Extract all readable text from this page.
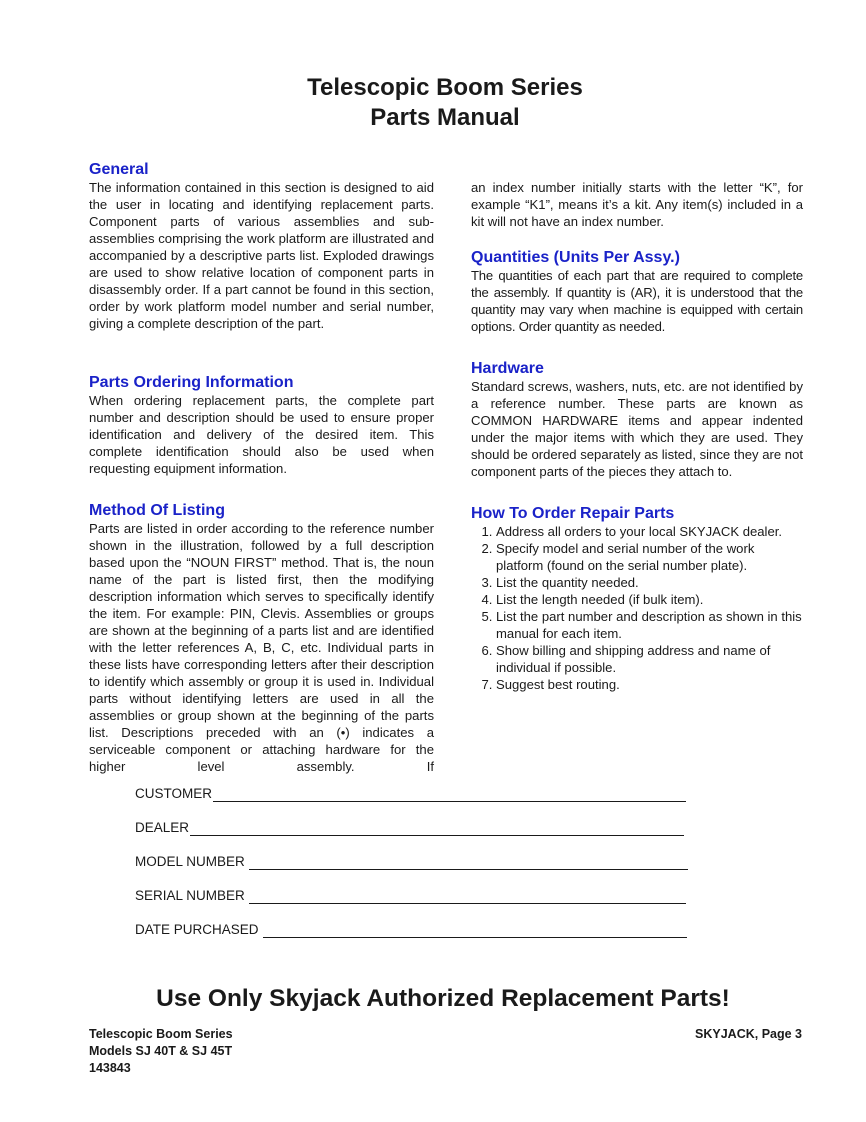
Telescopic Boom Series
Parts Manual
General

The information contained in this section is designed to aid the user in locating and identifying replacement parts. Component parts of various assemblies and sub-assemblies comprising the work platform are illustrated and accompanied by a descriptive parts list. Exploded drawings are used to show relative location of component parts in disassembly order. If a part cannot be found in this section, order by work platform model number and serial number, giving a complete description of the part.

Parts Ordering Information

When ordering replacement parts, the complete part number and description should be used to ensure proper identification and delivery of the desired item. This complete identification should also be used when requesting equipment information.

Method Of Listing

Parts are listed in order according to the reference number shown in the illustration, followed by a full description based upon the “NOUN FIRST” method. That is, the noun name of the part is listed first, then the modifying description information which serves to specifically identify the item. For example: PIN, Clevis. Assemblies or groups are shown at the beginning of a parts list and are identified with the letter references A, B, C, etc. Individual parts in these lists have corresponding letters after their description to identify which assembly or group it is used in. Individual parts without identifying letters are used in all the assemblies or group shown at the beginning of the parts list. Descriptions preceded with an (•) indicates a serviceable component or attaching hardware for the higher level assembly. If

an index number initially starts with the letter “K”, for example “K1”, means it’s a kit. Any item(s) included in a kit will not have an index number.

Quantities (Units Per Assy.)

The quantities of each part that are required to complete the assembly. If quantity is (AR), it is understood that the quantity may vary when machine is equipped with certain options. Order quantity as needed.

Hardware

Standard screws, washers, nuts, etc. are not identified by a reference number. These parts are known as COMMON HARDWARE items and appear indented under the major items with which they are used. They should be ordered separately as listed, since they are not component parts of the pieces they attach to.

How To Order Repair Parts
1. Address all orders to your local SKYJACK dealer.
2. Specify model and serial number of the work platform (found on the serial number plate).
3. List the quantity needed.
4. List the length needed (if bulk item).
5. List the part number and description as shown in this manual for each item.
6. Show billing and shipping address and name of individual if possible.
7. Suggest best routing.
CUSTOMER
DEALER
MODEL NUMBER
SERIAL NUMBER
DATE PURCHASED
Use Only Skyjack Authorized Replacement Parts!
Telescopic Boom Series
Models SJ 40T & SJ 45T
143843
SKYJACK, Page 3
